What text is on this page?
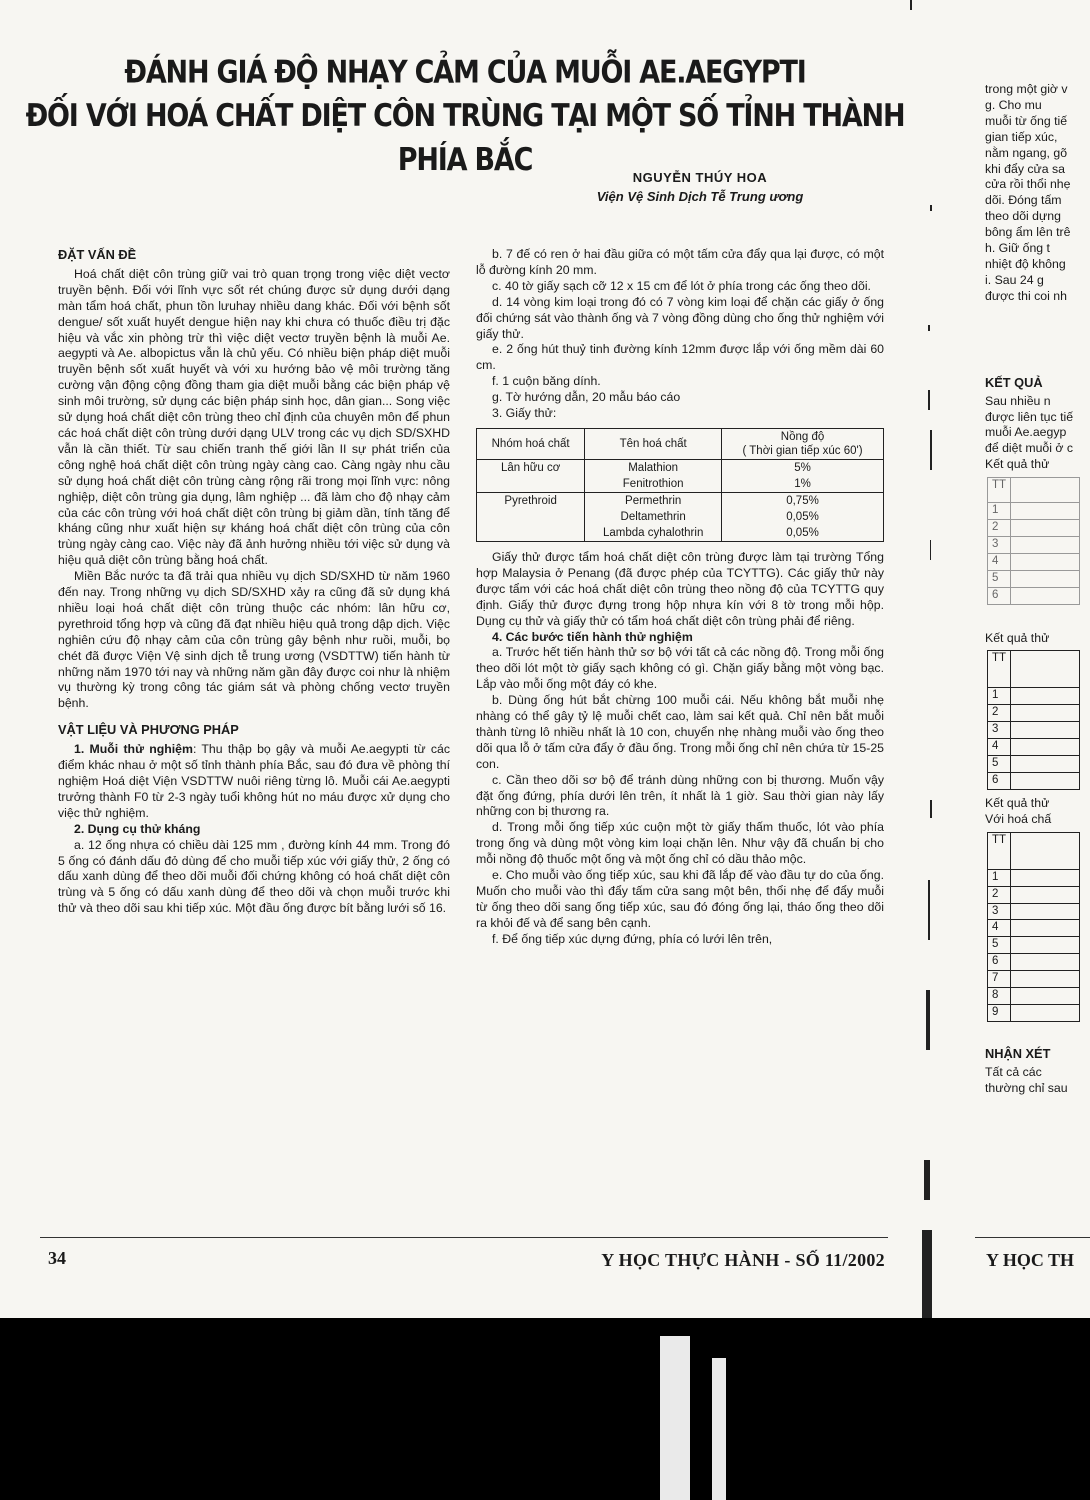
ĐÁNH GIÁ ĐỘ NHẠY CẢM CỦA MUỖI AE.AEGYPTI
ĐỐI VỚI HOÁ CHẤT DIỆT CÔN TRÙNG TẠI MỘT SỐ TỈNH THÀNH PHÍA BẮC	NGUYỄN THÚY HOA
Viện Vệ Sinh Dịch Tễ Trung ương
ĐẶT VẤN ĐỀ

Hoá chất diệt côn trùng giữ vai trò quan trọng trong việc diệt vectơ truyền bệnh. Đối với lĩnh vực sốt rét chúng được sử dụng dưới dạng màn tẩm hoá chất, phun tồn lưuhay nhiều dang khác. Đối với bệnh sốt dengue/ sốt xuất huyết dengue hiện nay khi chưa có thuốc điều trị đặc hiệu và vắc xin phòng trừ thì việc diệt vectơ truyền bệnh là muỗi Ae. aegypti và Ae. albopictus vẫn là chủ yếu. Có nhiều biện pháp diệt muỗi truyền bệnh sốt xuất huyết và với xu hướng bảo vệ môi trường tăng cường vận động cộng đồng tham gia diệt muỗi bằng các biện pháp vệ sinh môi trường, sử dụng các biện pháp sinh học, dân gian... Song việc sử dụng hoá chất diệt côn trùng theo chỉ định của chuyên môn để phun các hoá chất diệt côn trùng dưới dạng ULV trong các vụ dịch SD/SXHD vẫn là cần thiết. Từ sau chiến tranh thế giới lần II sự phát triển của công nghệ hoá chất diệt côn trùng ngày càng cao. Càng ngày nhu cầu sử dụng hoá chất diệt côn trùng càng rộng rãi trong mọi lĩnh vực: nông nghiệp, diệt côn trùng gia dụng, lâm nghiệp ... đã làm cho độ nhạy cảm của các côn trùng với hoá chất diệt côn trùng bị giảm dần, tính tăng để kháng cũng như xuất hiện sự kháng hoá chất diệt côn trùng của côn trùng ngày càng cao. Việc này đã ảnh hưởng nhiều tới việc sử dụng và hiệu quả diệt côn trùng bằng hoá chất.

Miền Bắc nước ta đã trải qua nhiều vụ dịch SD/SXHD từ năm 1960 đến nay. Trong những vụ dịch SD/SXHD xảy ra cũng đã sử dụng khá nhiều loại hoá chất diệt côn trùng thuộc các nhóm: lân hữu cơ, pyrethroid tổng hợp và cũng đã đạt nhiều hiệu quả trong dập dịch. Việc nghiên cứu độ nhạy cảm của côn trùng gây bệnh như ruồi, muỗi, bọ chét đã được Viện Vệ sinh dịch tễ trung ương (VSDTTW) tiến hành từ những năm 1970 tới nay và những năm gần đây được coi như là nhiệm vụ thường kỳ trong công tác giám sát và phòng chống vectơ truyền bệnh.

VẬT LIỆU VÀ PHƯƠNG PHÁP

1. Muỗi thử nghiệm: Thu thập bọ gậy và muỗi Ae.aegypti từ các điểm khác nhau ở một số tỉnh thành phía Bắc, sau đó đưa về phòng thí nghiệm Hoá diệt Viện VSDTTW nuôi riêng từng lô. Muỗi cái Ae.aegypti trưởng thành F0 từ 2-3 ngày tuổi không hút no máu được xử dụng cho việc thử nghiệm.

2. Dụng cụ thử kháng

a. 12 ống nhựa có chiều dài 125 mm , đường kính 44 mm. Trong đó 5 ống có đánh dấu đỏ dùng để cho muỗi tiếp xúc với giấy thử, 2 ống có dấu xanh dùng để theo dõi muỗi đối chứng không có hoá chất diệt côn trùng và 5 ống có dấu xanh dùng để theo dõi và chọn muỗi trước khi thử và theo dõi sau khi tiếp xúc. Một đầu ống được bít bằng lưới số 16.

b. 7 đế có ren ở hai đầu giữa có một tấm cửa đẩy qua lại được, có một lỗ đường kính 20 mm.

c. 40 tờ giấy sạch cỡ 12 x 15 cm để lót ở phía trong các ống theo dõi.

d. 14 vòng kim loại trong đó có 7 vòng kim loại để chặn các giấy ở ống đối chứng sát vào thành ống và 7 vòng đồng dùng cho ống thử nghiệm với giấy thử.

e. 2 ống hút thuỷ tinh đường kính 12mm được lắp với ống mềm dài 60 cm.

f. 1 cuộn băng dính.

g. Tờ hướng dẫn, 20 mẫu báo cáo

3. Giấy thử:

Nhóm hoá chất	Tên hoá chất	Nồng độ
( Thời gian tiếp xúc 60')

Lân hữu cơ	Malathion	5%
	Fenitrothion	1%
Pyrethroid	Permethrin	0,75%
	Deltamethrin	0,05%
	Lambda cyhalothrin	0,05%

Giấy thử được tẩm hoá chất diệt côn trùng được làm tại trường Tổng hợp Malaysia ở Penang (đã được phép của TCYTTG). Các giấy thử này được tẩm với các hoá chất diệt côn trùng theo nồng độ của TCYTTG quy định. Giấy thử được đựng trong hộp nhựa kín với 8 tờ trong mỗi hộp. Dụng cụ thử và giấy thử có tẩm hoá chất diệt côn trùng phải để riêng.

4. Các bước tiến hành thử nghiệm

a. Trước hết tiến hành thử sơ bộ với tất cả các nồng độ. Trong mỗi ống theo dõi lót một tờ giấy sạch không có gì. Chặn giấy bằng một vòng bạc. Lắp vào mỗi ống một đáy có khe.

b. Dùng ống hút bắt chừng 100 muỗi cái. Nếu không bắt muỗi nhẹ nhàng có thể gây tỷ lệ muỗi chết cao, làm sai kết quả. Chỉ nên bắt muỗi thành từng lô nhiều nhất là 10 con, chuyển nhẹ nhàng muỗi vào ống theo dõi qua lỗ ở tấm cửa đẩy ở đầu ống. Trong mỗi ống chỉ nên chứa từ 15-25 con.

c. Cần theo dõi sơ bộ để tránh dùng những con bị thương. Muốn vậy đặt ống đứng, phía dưới lên trên, ít nhất là 1 giờ. Sau thời gian này lấy những con bị thương ra.

d. Trong mỗi ống tiếp xúc cuộn một tờ giấy thấm thuốc, lót vào phía trong ống và dùng một vòng kim loại chặn lên. Như vậy đã chuẩn bị cho mỗi nồng độ thuốc một ống và một ống chỉ có dầu thảo mộc.

e. Cho muỗi vào ống tiếp xúc, sau khi đã lắp đế vào đầu tự do của ống. Muốn cho muỗi vào thì đẩy tấm cửa sang một bên, thổi nhẹ để đẩy muỗi từ ống theo dõi sang ống tiếp xúc, sau đó đóng ống lại, tháo ống theo dõi ra khỏi đế và để sang bên cạnh.

f. Để ống tiếp xúc dựng đứng, phía có lưới lên trên,

trong một giờ v
g. Cho mu
muỗi từ ống tiế
gian tiếp xúc,
nằm ngang, gõ
khi đẩy cửa sa
cửa rồi thổi nhẹ
dõi. Đóng tấm
theo dõi dựng
bông ẩm lên trê
h. Giữ ống t
nhiệt độ không
i. Sau 24 g
được thi coi nh
KẾT QUẢ
Sau nhiều n
được liên tục tiế
muỗi Ae.aegyp
để diệt muỗi ở c
Kết quả thử
TT	
1	
2	
3	
4	
5	
6	
Kết quả thử
TT	
1	
2	
3	
4	
5	
6	
Kết quả thử
Với hoá chấ
TT	
1	
2	
3	
4	
5	
6	
7	
8	
9	
NHẬN XÉT
Tất cả các
thường chỉ sau
34	Y HỌC THỰC HÀNH - SỐ 11/2002	Y HỌC TH
